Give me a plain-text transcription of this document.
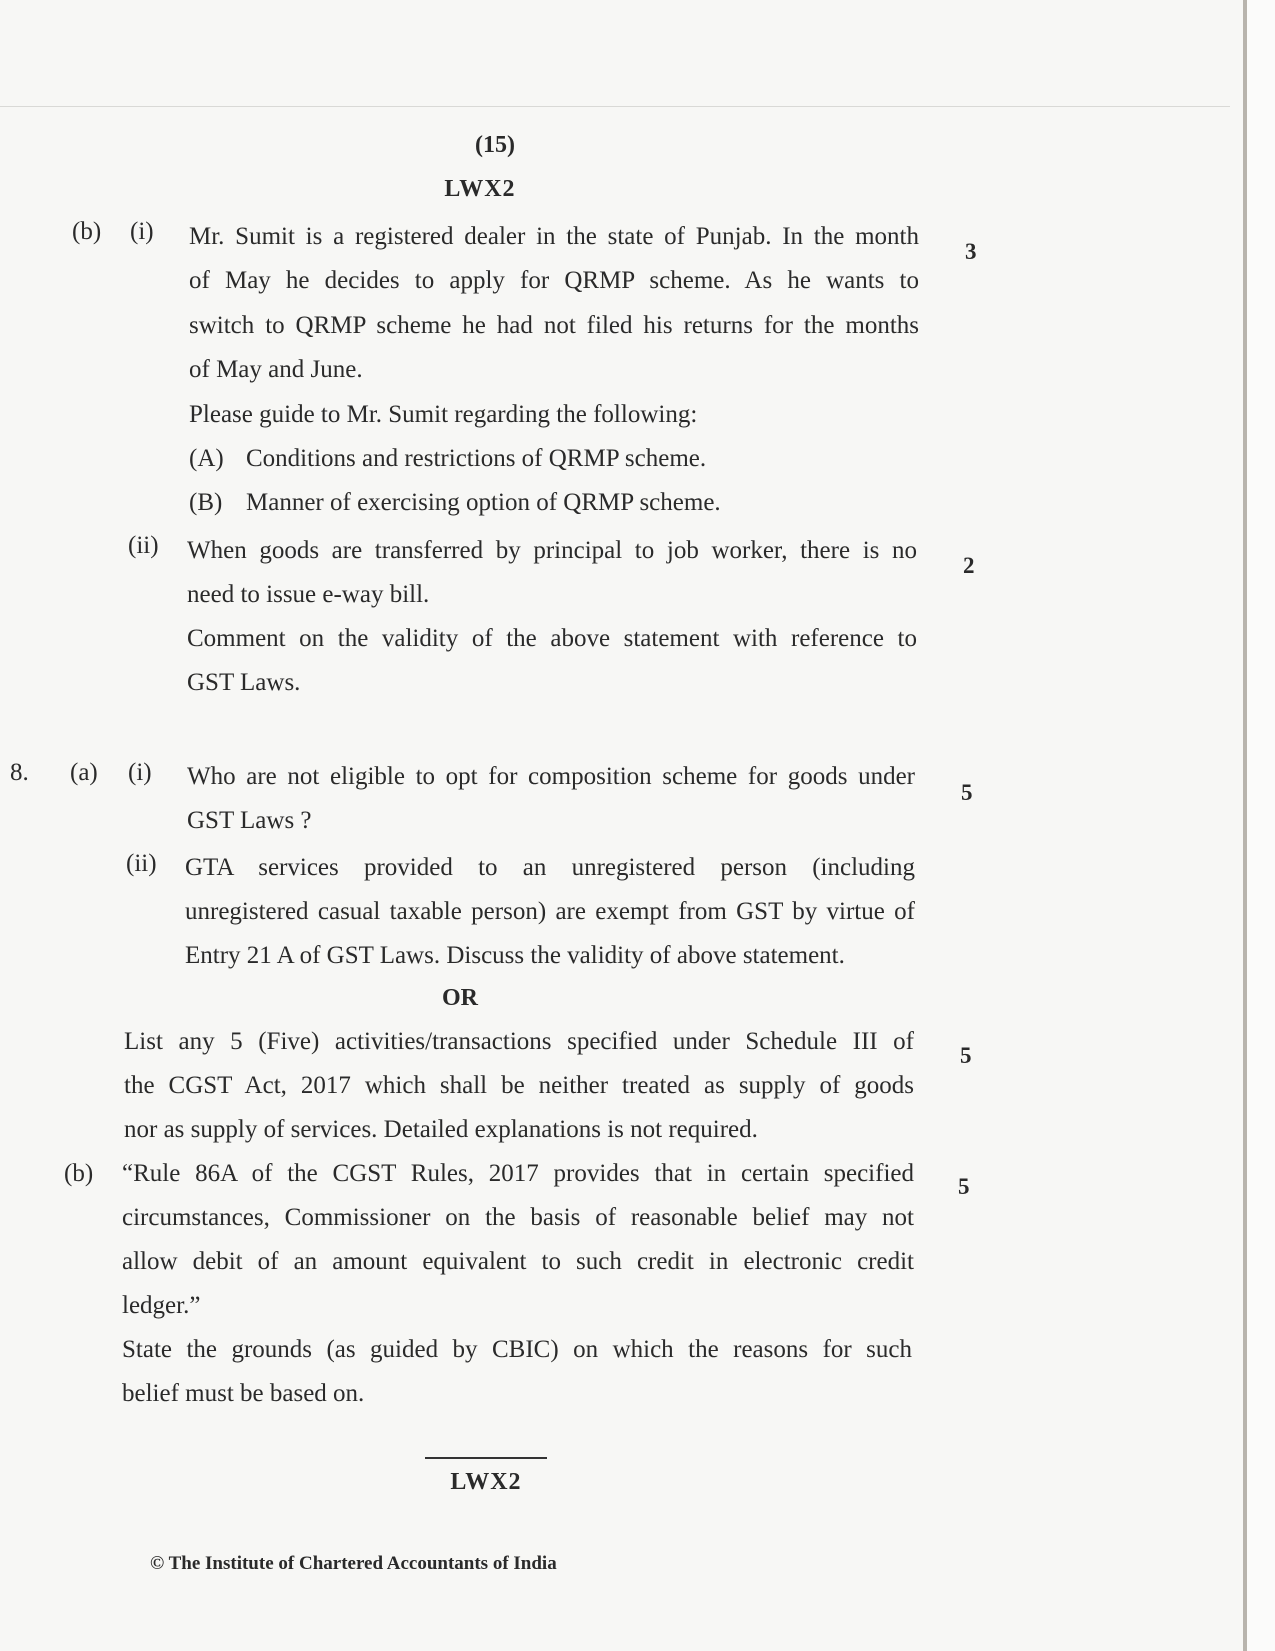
(15)
LWX2
(b) (i) Mr. Sumit is a registered dealer in the state of Punjab. In the month
of May he decides to apply for QRMP scheme. As he wants to
switch to QRMP scheme he had not filed his returns for the months
of May and June.
Please guide to Mr. Sumit regarding the following:
(A) Conditions and restrictions of QRMP scheme.
(B) Manner of exercising option of QRMP scheme.
3
(ii) When goods are transferred by principal to job worker, there is no
need to issue e-way bill.
Comment on the validity of the above statement with reference to
GST Laws.
2
8. (a) (i) Who are not eligible to opt for composition scheme for goods under
GST Laws ?
5
(ii) GTA services provided to an unregistered person (including
unregistered casual taxable person) are exempt from GST by virtue of
Entry 21 A of GST Laws. Discuss the validity of above statement.
OR
List any 5 (Five) activities/transactions specified under Schedule III of
the CGST Act, 2017 which shall be neither treated as supply of goods
nor as supply of services. Detailed explanations is not required.
5
(b) “Rule 86A of the CGST Rules, 2017 provides that in certain specified
circumstances, Commissioner on the basis of reasonable belief may not
allow debit of an amount equivalent to such credit in electronic credit
ledger.”
State the grounds (as guided by CBIC) on which the reasons for such
belief must be based on.
5
LWX2
© The Institute of Chartered Accountants of India
